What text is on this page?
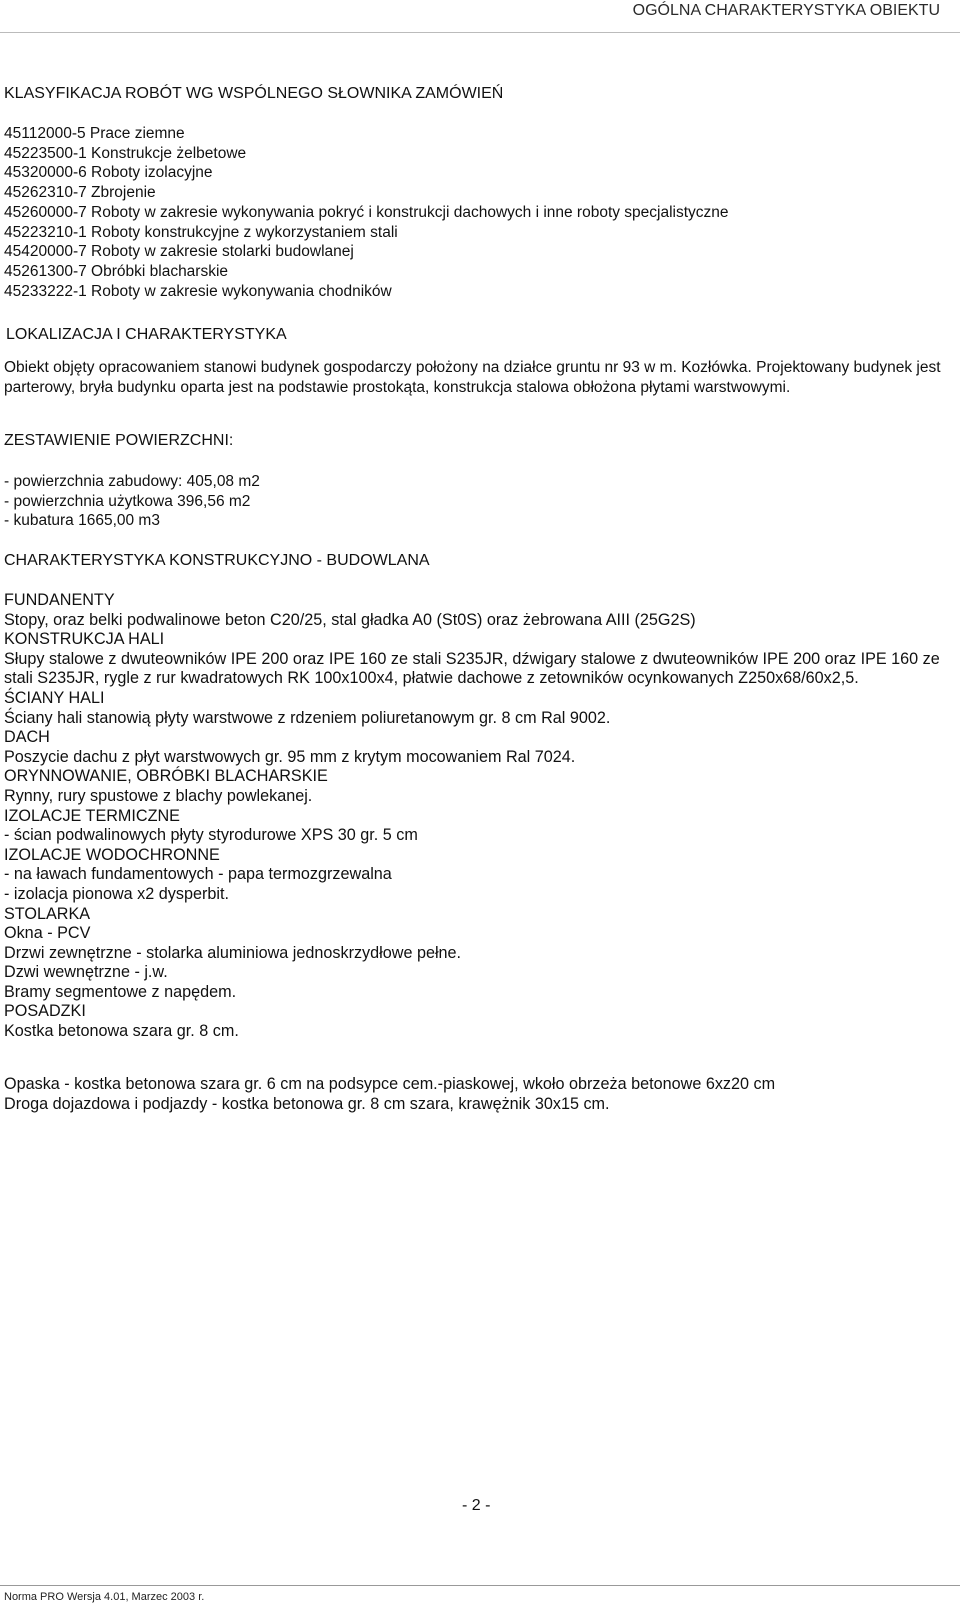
OGÓLNA CHARAKTERYSTYKA OBIEKTU
KLASYFIKACJA ROBÓT WG WSPÓLNEGO SŁOWNIKA ZAMÓWIEŃ
45112000-5 Prace ziemne
45223500-1 Konstrukcje żelbetowe
45320000-6 Roboty izolacyjne
45262310-7 Zbrojenie
45260000-7 Roboty w zakresie wykonywania pokryć i konstrukcji dachowych i inne roboty specjalistyczne
45223210-1 Roboty konstrukcyjne z wykorzystaniem stali
45420000-7 Roboty w zakresie stolarki budowlanej
45261300-7 Obróbki blacharskie
45233222-1 Roboty w zakresie wykonywania chodników
LOKALIZACJA I CHARAKTERYSTYKA

Obiekt objęty opracowaniem stanowi budynek gospodarczy położony na działce gruntu nr 93 w m. Kozłówka. Projektowany budynek jest parterowy, bryła budynku oparta jest na podstawie prostokąta, konstrukcja stalowa obłożona płytami warstwowymi.

ZESTAWIENIE POWIERZCHNI:
- powierzchnia zabudowy: 405,08 m2
- powierzchnia użytkowa 396,56 m2
- kubatura 1665,00 m3
CHARAKTERYSTYKA KONSTRUKCYJNO - BUDOWLANA
FUNDANENTY
Stopy, oraz belki podwalinowe beton C20/25, stal gładka A0 (St0S) oraz żebrowana AIII (25G2S)
KONSTRUKCJA HALI
Słupy stalowe z dwuteowników IPE 200 oraz IPE 160 ze stali S235JR, dźwigary stalowe z dwuteowników IPE 200 oraz IPE 160 ze stali S235JR, rygle z rur kwadratowych RK 100x100x4, płatwie dachowe z zetowników ocynkowanych Z250x68/60x2,5.
ŚCIANY HALI
Ściany hali stanowią płyty warstwowe z rdzeniem poliuretanowym gr. 8 cm Ral 9002.
DACH
Poszycie dachu z płyt warstwowych gr. 95 mm z krytym mocowaniem Ral 7024.
ORYNNOWANIE, OBRÓBKI BLACHARSKIE
Rynny, rury spustowe z blachy powlekanej.
IZOLACJE TERMICZNE
- ścian podwalinowych płyty styrodurowe XPS 30 gr. 5 cm
IZOLACJE WODOCHRONNE
- na ławach fundamentowych - papa termozgrzewalna
- izolacja pionowa x2 dysperbit.
STOLARKA
Okna - PCV
Drzwi zewnętrzne - stolarka aluminiowa jednoskrzydłowe pełne.
Dzwi wewnętrzne - j.w.
Bramy segmentowe z napędem.
POSADZKI
Kostka betonowa szara gr. 8 cm.
Opaska - kostka betonowa szara gr. 6 cm na podsypce cem.-piaskowej, wkoło obrzeża betonowe 6xz20 cm
Droga dojazdowa i podjazdy - kostka betonowa gr. 8 cm szara, krawężnik 30x15 cm.
- 2 -
Norma PRO Wersja 4.01, Marzec 2003 r.
